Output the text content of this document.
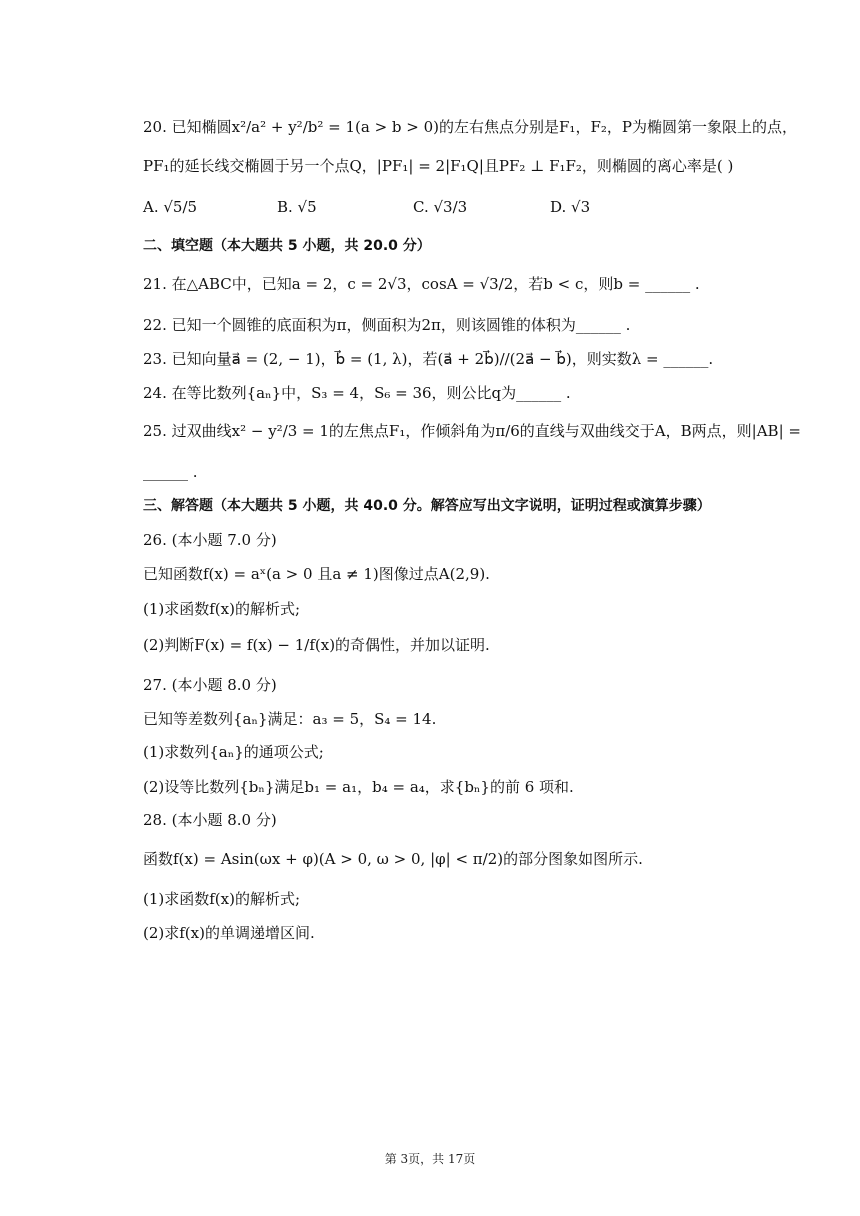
20. 已知椭圆x²/a² + y²/b² = 1(a > b > 0)的左右焦点分别是F₁，F₂，P为椭圆第一象限上的点，
PF₁的延长线交椭圆于另一个点Q，|PF₁| = 2|F₁Q|且PF₂ ⊥ F₁F₂，则椭圆的离心率是( )
A. √5/5	B. √5	C. √3/3	D. √3
二、填空题（本大题共 5 小题，共 20.0 分）
21. 在△ABC中，已知a = 2，c = 2√3，cosA = √3/2，若b < c，则b = ______ .
22. 已知一个圆锥的底面积为π，侧面积为2π，则该圆锥的体积为______ .
23. 已知向量a⃗ = (2, − 1)，b⃗ = (1, λ)，若(a⃗ + 2b⃗)//(2a⃗ − b⃗)，则实数λ = ______.
24. 在等比数列{aₙ}中，S₃ = 4，S₆ = 36，则公比q为______ .
25. 过双曲线x² − y²/3 = 1的左焦点F₁，作倾斜角为π/6的直线与双曲线交于A，B两点，则|AB| =
______ .
三、解答题（本大题共 5 小题，共 40.0 分。解答应写出文字说明，证明过程或演算步骤）
26. (本小题 7.0 分)
已知函数f(x) = aˣ(a > 0 且a ≠ 1)图像过点A(2,9).
(1)求函数f(x)的解析式;
(2)判断F(x) = f(x) − 1/f(x)的奇偶性，并加以证明.
27. (本小题 8.0 分)
已知等差数列{aₙ}满足：a₃ = 5，S₄ = 14.
(1)求数列{aₙ}的通项公式;
(2)设等比数列{bₙ}满足b₁ = a₁，b₄ = a₄，求{bₙ}的前 6 项和.
28. (本小题 8.0 分)
函数f(x) = Asin(ωx + φ)(A > 0, ω > 0, |φ| < π/2)的部分图象如图所示.
(1)求函数f(x)的解析式;
(2)求f(x)的单调递增区间.
第 3页，共 17页
